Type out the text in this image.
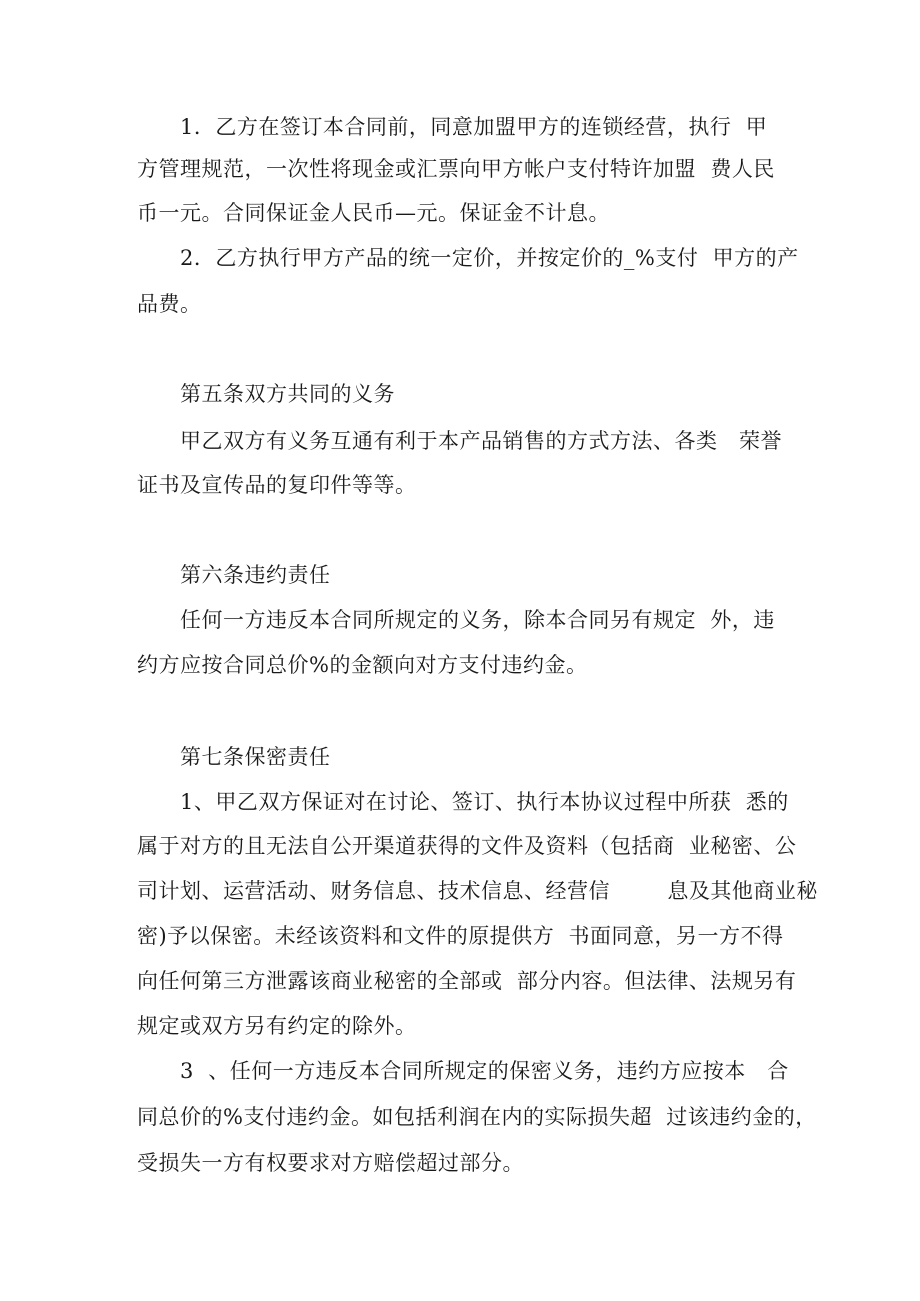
1．乙方在签订本合同前，同意加盟甲方的连锁经营，执行  甲
方管理规范，一次性将现金或汇票向甲方帐户支付特许加盟  费人民
币一元。合同保证金人民币—元。保证金不计息。
2．乙方执行甲方产品的统一定价，并按定价的_%支付  甲方的产
品费。
第五条双方共同的义务
甲乙双方有义务互通有利于本产品销售的方式方法、各类   荣誉
证书及宣传品的复印件等等。
第六条违约责任
任何一方违反本合同所规定的义务，除本合同另有规定  外，违
约方应按合同总价%的金额向对方支付违约金。
第七条保密责任
1、甲乙双方保证对在讨论、签订、执行本协议过程中所获  悉的
属于对方的且无法自公开渠道获得的文件及资料（包括商  业秘密、公
司计划、运营活动、财务信息、技术信息、经营信        息及其他商业秘
密)予以保密。未经该资料和文件的原提供方  书面同意，另一方不得
向任何第三方泄露该商业秘密的全部或  部分内容。但法律、法规另有
规定或双方另有约定的除外。
3  、任何一方违反本合同所规定的保密义务，违约方应按本   合
同总价的%支付违约金。如包括利润在内的实际损失超  过该违约金的，
受损失一方有权要求对方赔偿超过部分。
